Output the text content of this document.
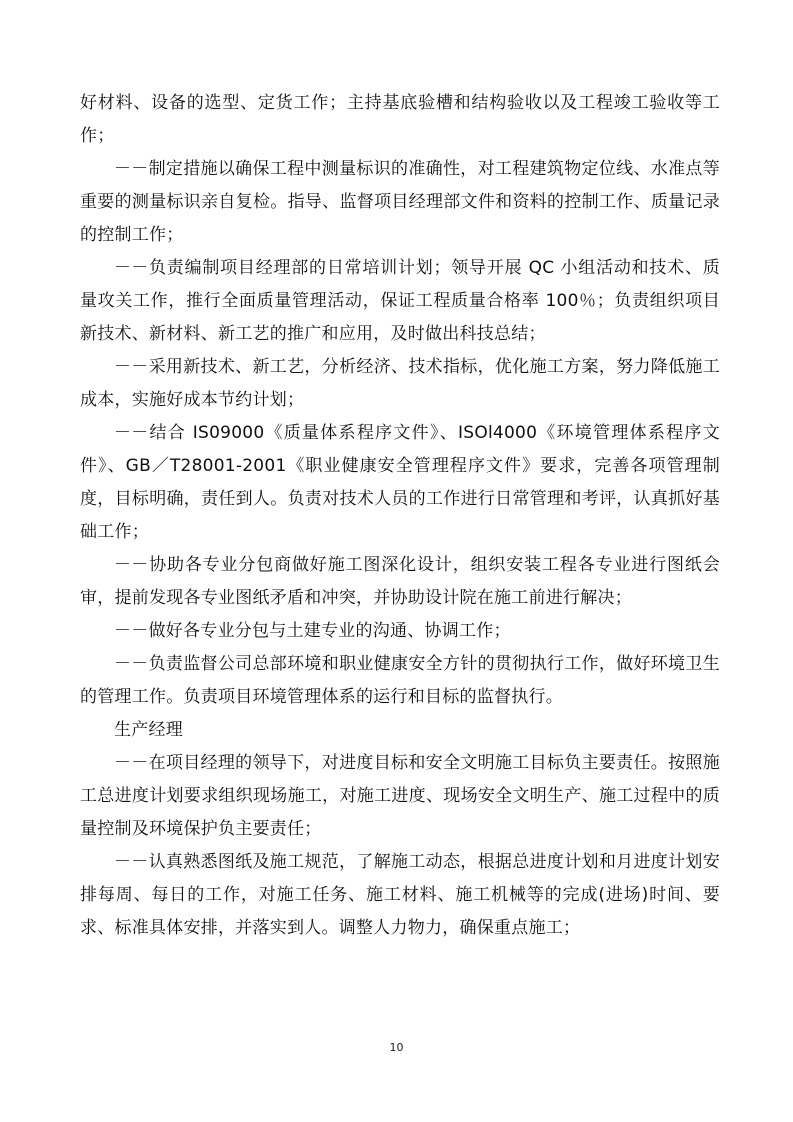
好材料、设备的选型、定货工作；主持基底验槽和结构验收以及工程竣工验收等工作；

－－制定措施以确保工程中测量标识的准确性，对工程建筑物定位线、水准点等重要的测量标识亲自复检。指导、监督项目经理部文件和资料的控制工作、质量记录的控制工作；

－－负责编制项目经理部的日常培训计划；领导开展 QC 小组活动和技术、质量攻关工作，推行全面质量管理活动，保证工程质量合格率 100％；负责组织项目新技术、新材料、新工艺的推广和应用，及时做出科技总结；

－－采用新技术、新工艺，分析经济、技术指标，优化施工方案，努力降低施工成本，实施好成本节约计划；

－－结合 IS09000《质量体系程序文件》、ISOl4000《环境管理体系程序文件》、GB／T28001-2001《职业健康安全管理程序文件》要求，完善各项管理制度，目标明确，责任到人。负责对技术人员的工作进行日常管理和考评，认真抓好基础工作；

－－协助各专业分包商做好施工图深化设计，组织安装工程各专业进行图纸会审，提前发现各专业图纸矛盾和冲突，并协助设计院在施工前进行解决；

－－做好各专业分包与土建专业的沟通、协调工作；

－－负责监督公司总部环境和职业健康安全方针的贯彻执行工作，做好环境卫生的管理工作。负责项目环境管理体系的运行和目标的监督执行。

生产经理

－－在项目经理的领导下，对进度目标和安全文明施工目标负主要责任。按照施工总进度计划要求组织现场施工，对施工进度、现场安全文明生产、施工过程中的质量控制及环境保护负主要责任；

－－认真熟悉图纸及施工规范，了解施工动态，根据总进度计划和月进度计划安排每周、每日的工作，对施工任务、施工材料、施工机械等的完成(进场)时间、要求、标准具体安排，并落实到人。调整人力物力，确保重点施工；

10
